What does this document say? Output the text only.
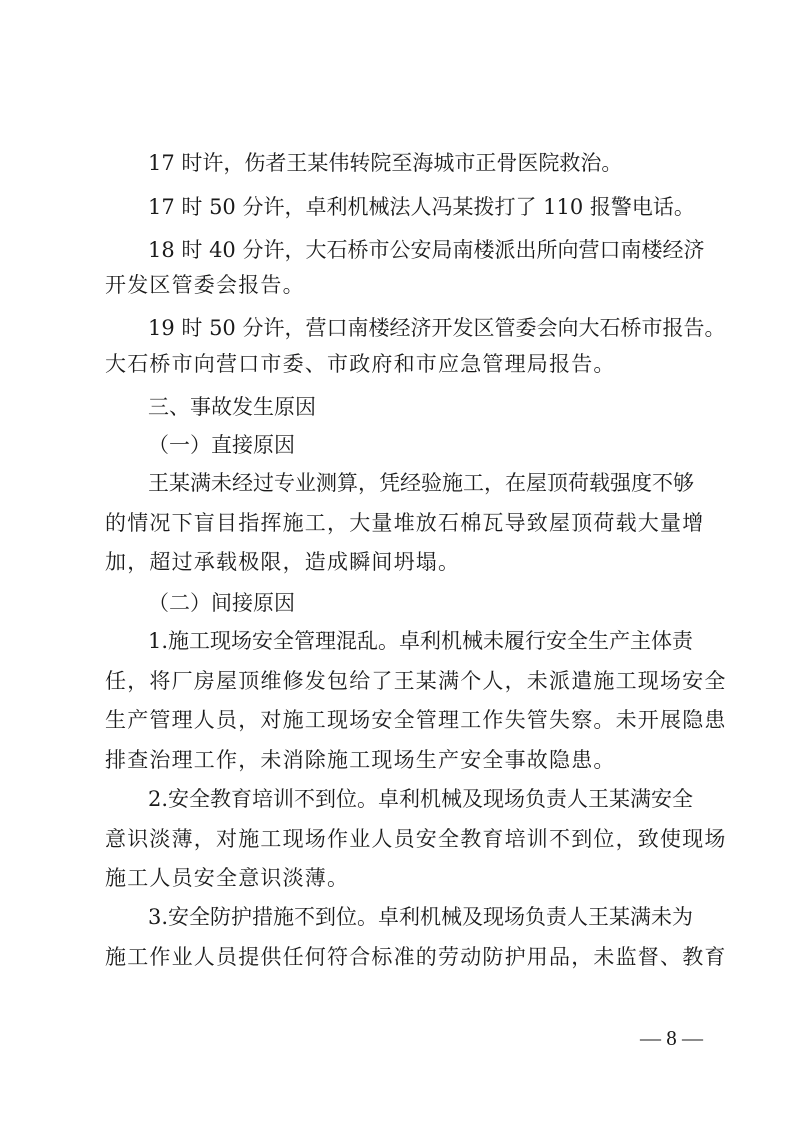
17 时许，伤者王某伟转院至海城市正骨医院救治。
17 时 50 分许，卓利机械法人冯某拨打了 110 报警电话。
18 时 40 分许，大石桥市公安局南楼派出所向营口南楼经济
开发区管委会报告。
19 时 50 分许，营口南楼经济开发区管委会向大石桥市报告。
大石桥市向营口市委、市政府和市应急管理局报告。
三、事故发生原因
（一）直接原因
王某满未经过专业测算，凭经验施工，在屋顶荷载强度不够
的情况下盲目指挥施工，大量堆放石棉瓦导致屋顶荷载大量增
加，超过承载极限，造成瞬间坍塌。
（二）间接原因
1.施工现场安全管理混乱。卓利机械未履行安全生产主体责
任，将厂房屋顶维修发包给了王某满个人，未派遣施工现场安全
生产管理人员，对施工现场安全管理工作失管失察。未开展隐患
排查治理工作，未消除施工现场生产安全事故隐患。
2.安全教育培训不到位。卓利机械及现场负责人王某满安全
意识淡薄，对施工现场作业人员安全教育培训不到位，致使现场
施工人员安全意识淡薄。
3.安全防护措施不到位。卓利机械及现场负责人王某满未为
施工作业人员提供任何符合标准的劳动防护用品，未监督、教育
— 8 —
